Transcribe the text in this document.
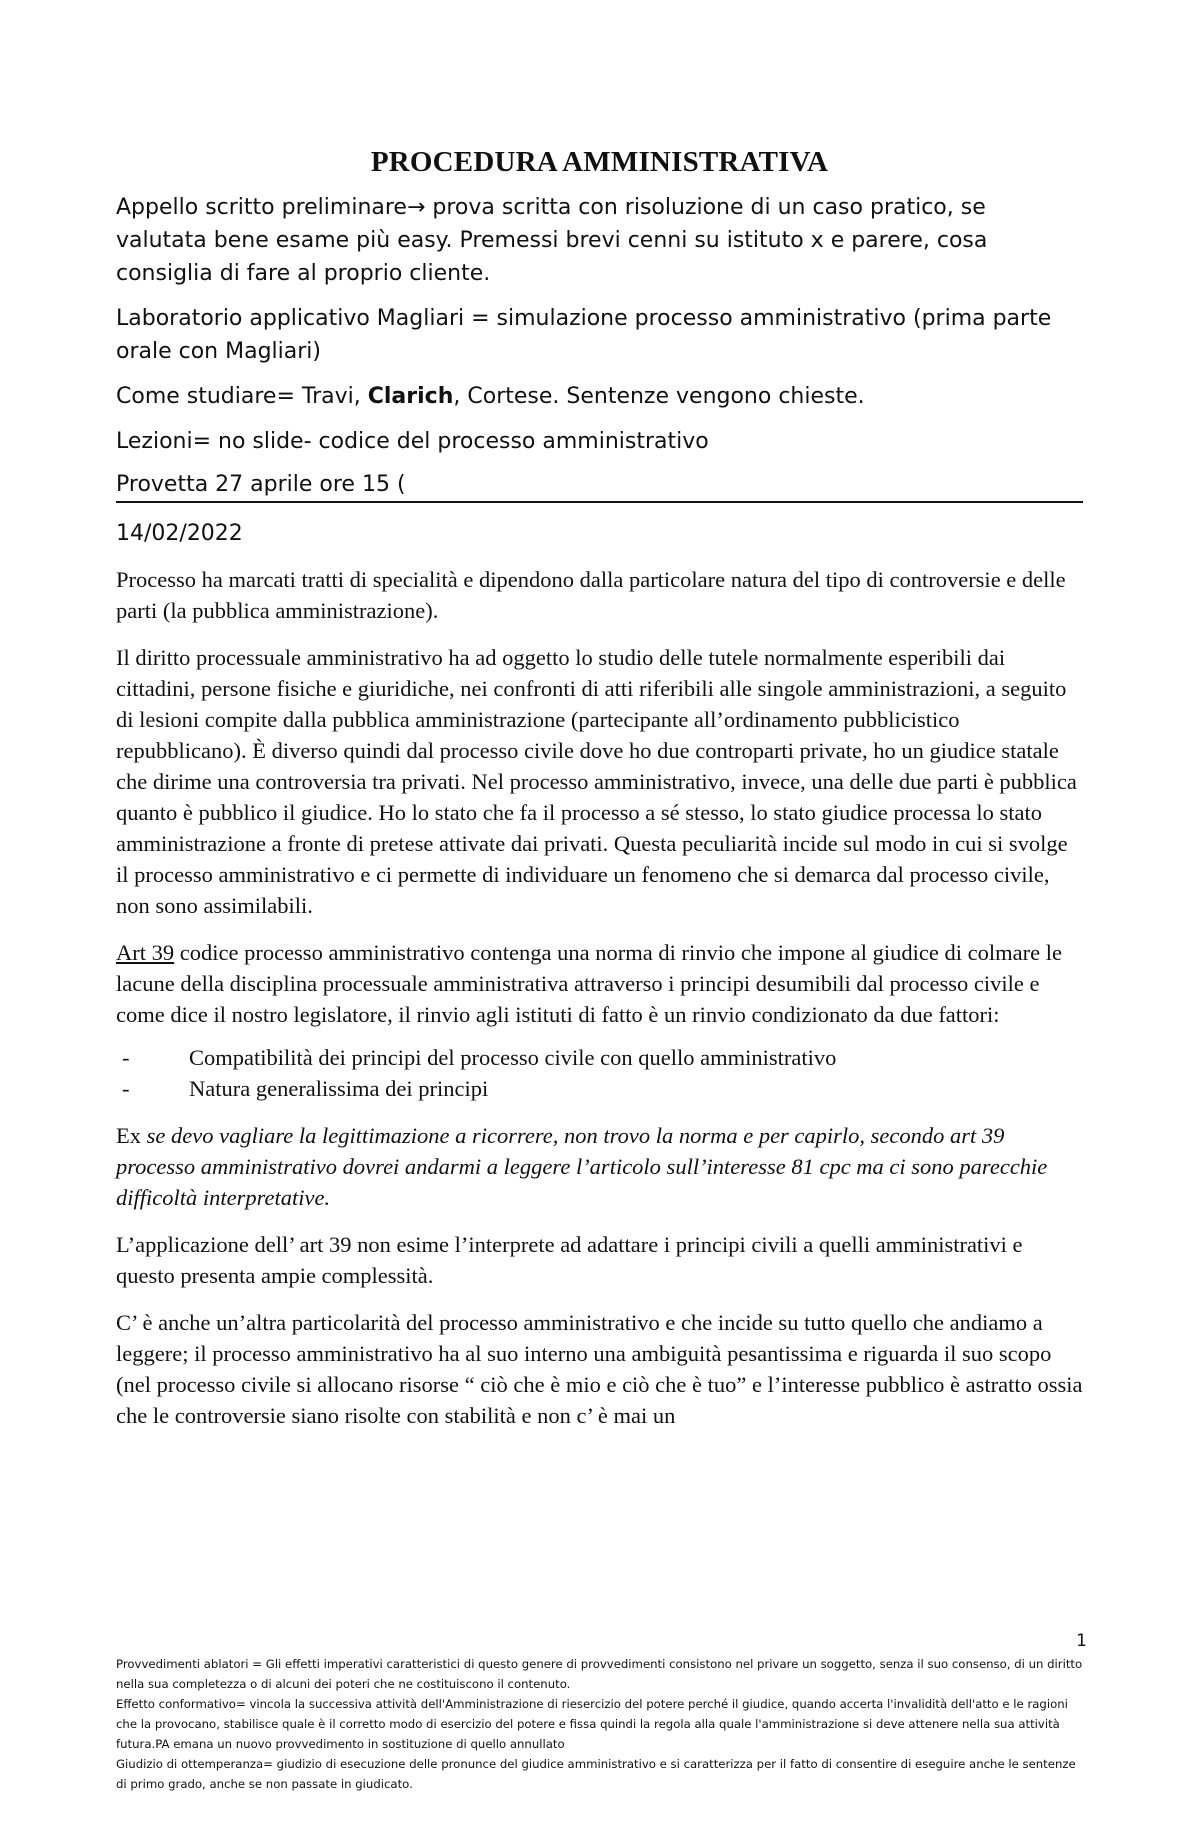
PROCEDURA AMMINISTRATIVA

Appello scritto preliminare→ prova scritta con risoluzione di un caso pratico, se valutata bene esame più easy. Premessi brevi cenni su istituto x e parere, cosa consiglia di fare al proprio cliente.

Laboratorio applicativo Magliari = simulazione processo amministrativo (prima parte orale con Magliari)

Come studiare= Travi, Clarich, Cortese. Sentenze vengono chieste.

Lezioni= no slide- codice del processo amministrativo

Provetta 27 aprile ore 15 (

14/02/2022

Processo ha marcati tratti di specialità e dipendono dalla particolare natura del tipo di controversie e delle parti (la pubblica amministrazione).

Il diritto processuale amministrativo ha ad oggetto lo studio delle tutele normalmente esperibili dai cittadini, persone fisiche e giuridiche, nei confronti di atti riferibili alle singole amministrazioni, a seguito di lesioni compite dalla pubblica amministrazione (partecipante all’ordinamento pubblicistico repubblicano). È diverso quindi dal processo civile dove ho due controparti private, ho un giudice statale che dirime una controversia tra privati. Nel processo amministrativo, invece, una delle due parti è pubblica quanto è pubblico il giudice. Ho lo stato che fa il processo a sé stesso, lo stato giudice processa lo stato amministrazione a fronte di pretese attivate dai privati. Questa peculiarità incide sul modo in cui si svolge il processo amministrativo e ci permette di individuare un fenomeno che si demarca dal processo civile, non sono assimilabili.

Art 39 codice processo amministrativo contenga una norma di rinvio che impone al giudice di colmare le lacune della disciplina processuale amministrativa attraverso i principi desumibili dal processo civile e come dice il nostro legislatore, il rinvio agli istituti di fatto è un rinvio condizionato da due fattori:

-	Compatibilità dei principi del processo civile con quello amministrativo
-	Natura generalissima dei principi

Ex se devo vagliare la legittimazione a ricorrere, non trovo la norma e per capirlo, secondo art 39 processo amministrativo dovrei andarmi a leggere l’articolo sull’interesse 81 cpc ma ci sono parecchie difficoltà interpretative.

L’applicazione dell’ art 39 non esime l’interprete ad adattare i principi civili a quelli amministrativi e questo presenta ampie complessità.

C’ è anche un’altra particolarità del processo amministrativo e che incide su tutto quello che andiamo a leggere; il processo amministrativo ha al suo interno una ambiguità pesantissima e riguarda il suo scopo (nel processo civile si allocano risorse “ ciò che è mio e ciò che è tuo” e l’interesse pubblico è astratto ossia che le controversie siano risolte con stabilità e non c’ è mai un

1

Provvedimenti ablatori = Gli effetti imperativi caratteristici di questo genere di provvedimenti consistono nel privare un soggetto, senza il suo consenso, di un diritto nella sua completezza o di alcuni dei poteri che ne costituiscono il contenuto.

Effetto conformativo= vincola la successiva attività dell'Amministrazione di riesercizio del potere perché il giudice, quando accerta l'invalidità dell'atto e le ragioni che la provocano, stabilisce quale è il corretto modo di esercizio del potere e fissa quindi la regola alla quale l'amministrazione si deve attenere nella sua attività futura.PA emana un nuovo provvedimento in sostituzione di quello annullato

Giudizio di ottemperanza= giudizio di esecuzione delle pronunce del giudice amministrativo e si caratterizza per il fatto di consentire di eseguire anche le sentenze di primo grado, anche se non passate in giudicato.
